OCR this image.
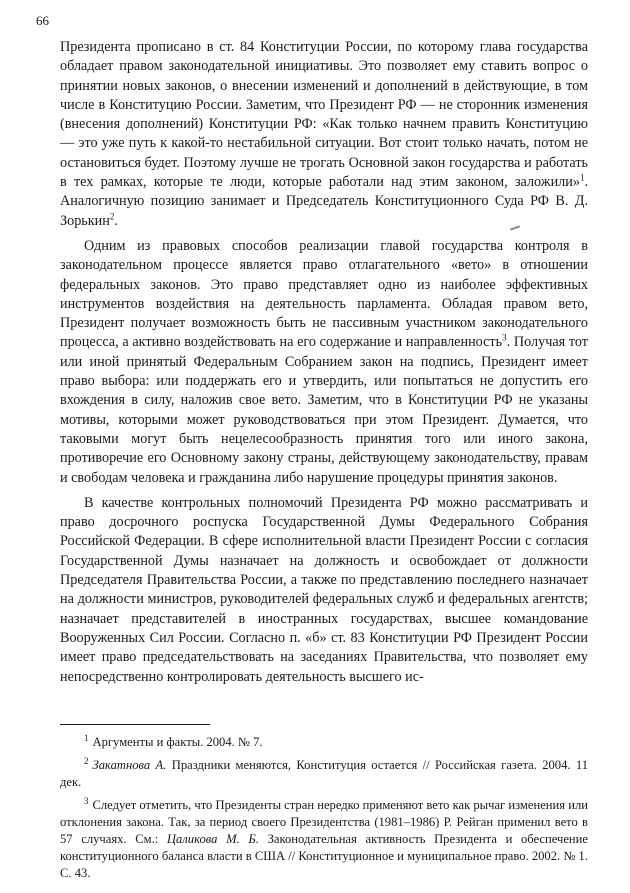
66

Президента прописано в ст. 84 Конституции России, по которому глава государства обладает правом законодательной инициативы. Это позволяет ему ставить вопрос о принятии новых законов, о внесении изменений и дополнений в действующие, в том числе в Конституцию России. Заметим, что Президент РФ — не сторонник изменения (внесения дополнений) Конституции РФ: «Как только начнем править Конституцию — это уже путь к какой-то нестабильной ситуации. Вот стоит только начать, потом не остановиться будет. Поэтому лучше не трогать Основной закон государства и работать в тех рамках, которые те люди, которые работали над этим законом, заложили»$^1$. Аналогичную позицию занимает и Председатель Конституционного Суда РФ В. Д. Зорькин$^2$.

Одним из правовых способов реализации главой государства контроля в законодательном процессе является право отлагательного «вето» в отношении федеральных законов. Это право представляет одно из наиболее эффективных инструментов воздействия на деятельность парламента. Обладая правом вето, Президент получает возможность быть не пассивным участником законодательного процесса, а активно воздействовать на его содержание и направленность$^3$. Получая тот или иной принятый Федеральным Собранием закон на подпись, Президент имеет право выбора: или поддержать его и утвердить, или попытаться не допустить его вхождения в силу, наложив свое вето. Заметим, что в Конституции РФ не указаны мотивы, которыми может руководствоваться при этом Президент. Думается, что таковыми могут быть нецелесообразность принятия того или иного закона, противоречие его Основному закону страны, действующему законодательству, правам и свободам человека и гражданина либо нарушение процедуры принятия законов.

В качестве контрольных полномочий Президента РФ можно рассматривать и право досрочного роспуска Государственной Думы Федерального Собрания Российской Федерации. В сфере исполнительной власти Президент России с согласия Государственной Думы назначает на должность и освобождает от должности Председателя Правительства России, а также по представлению последнего назначает на должности министров, руководителей федеральных служб и федеральных агентств; назначает представителей в иностранных государствах, высшее командование Вооруженных Сил России. Согласно п. «б» ст. 83 Конституции РФ Президент России имеет право председательствовать на заседаниях Правительства, что позволяет ему непосредственно контролировать деятельность высшего ис-

$^1$ Аргументы и факты. 2004. № 7.

$^2$ Закатнова А. Праздники меняются, Конституция остается // Российская газета. 2004. 11 дек.

$^3$ Следует отметить, что Президенты стран нередко применяют вето как рычаг изменения или отклонения закона. Так, за период своего Президентства (1981–1986) Р. Рейган применил вето в 57 случаях. См.: Цаликова М. Б. Законодательная активность Президента и обеспечение конституционного баланса власти в США // Конституционное и муниципальное право. 2002. № 1. С. 43.
